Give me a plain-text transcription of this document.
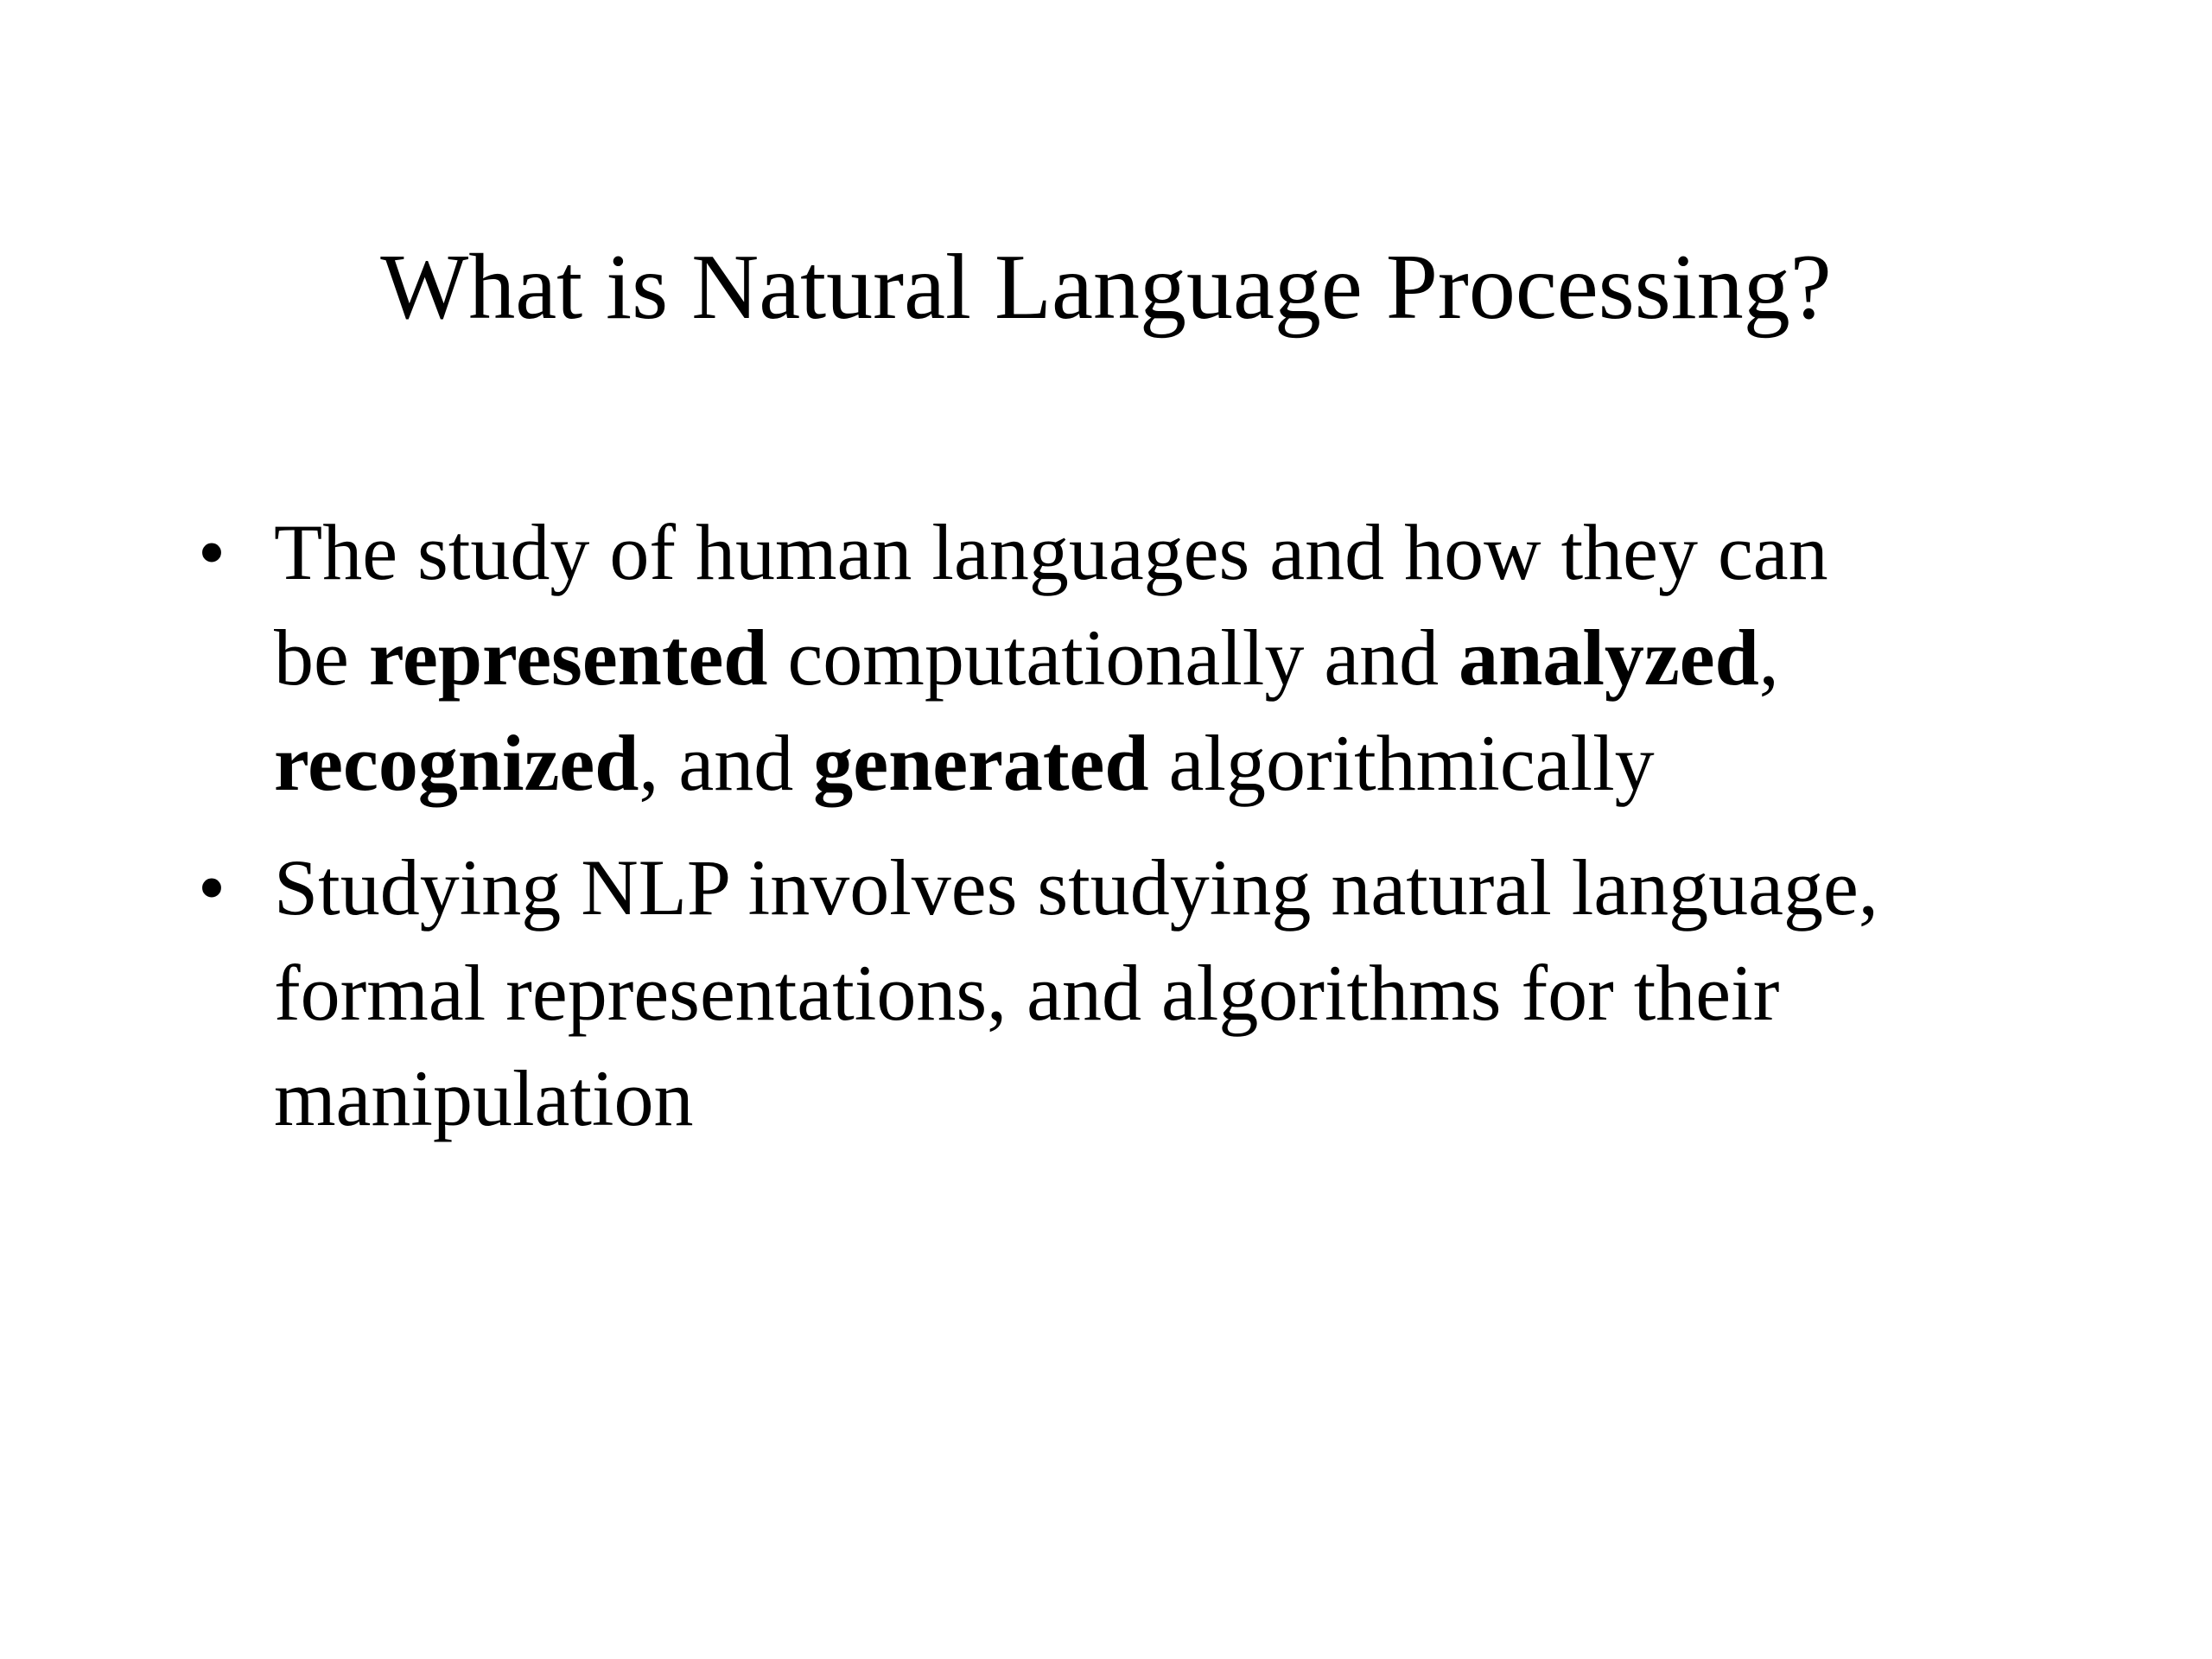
What is Natural Language Processing?
• The study of human languages and how they can
be represented computationally and analyzed,
recognized, and generated algorithmically
• Studying NLP involves studying natural language,
formal representations, and algorithms for their
manipulation
